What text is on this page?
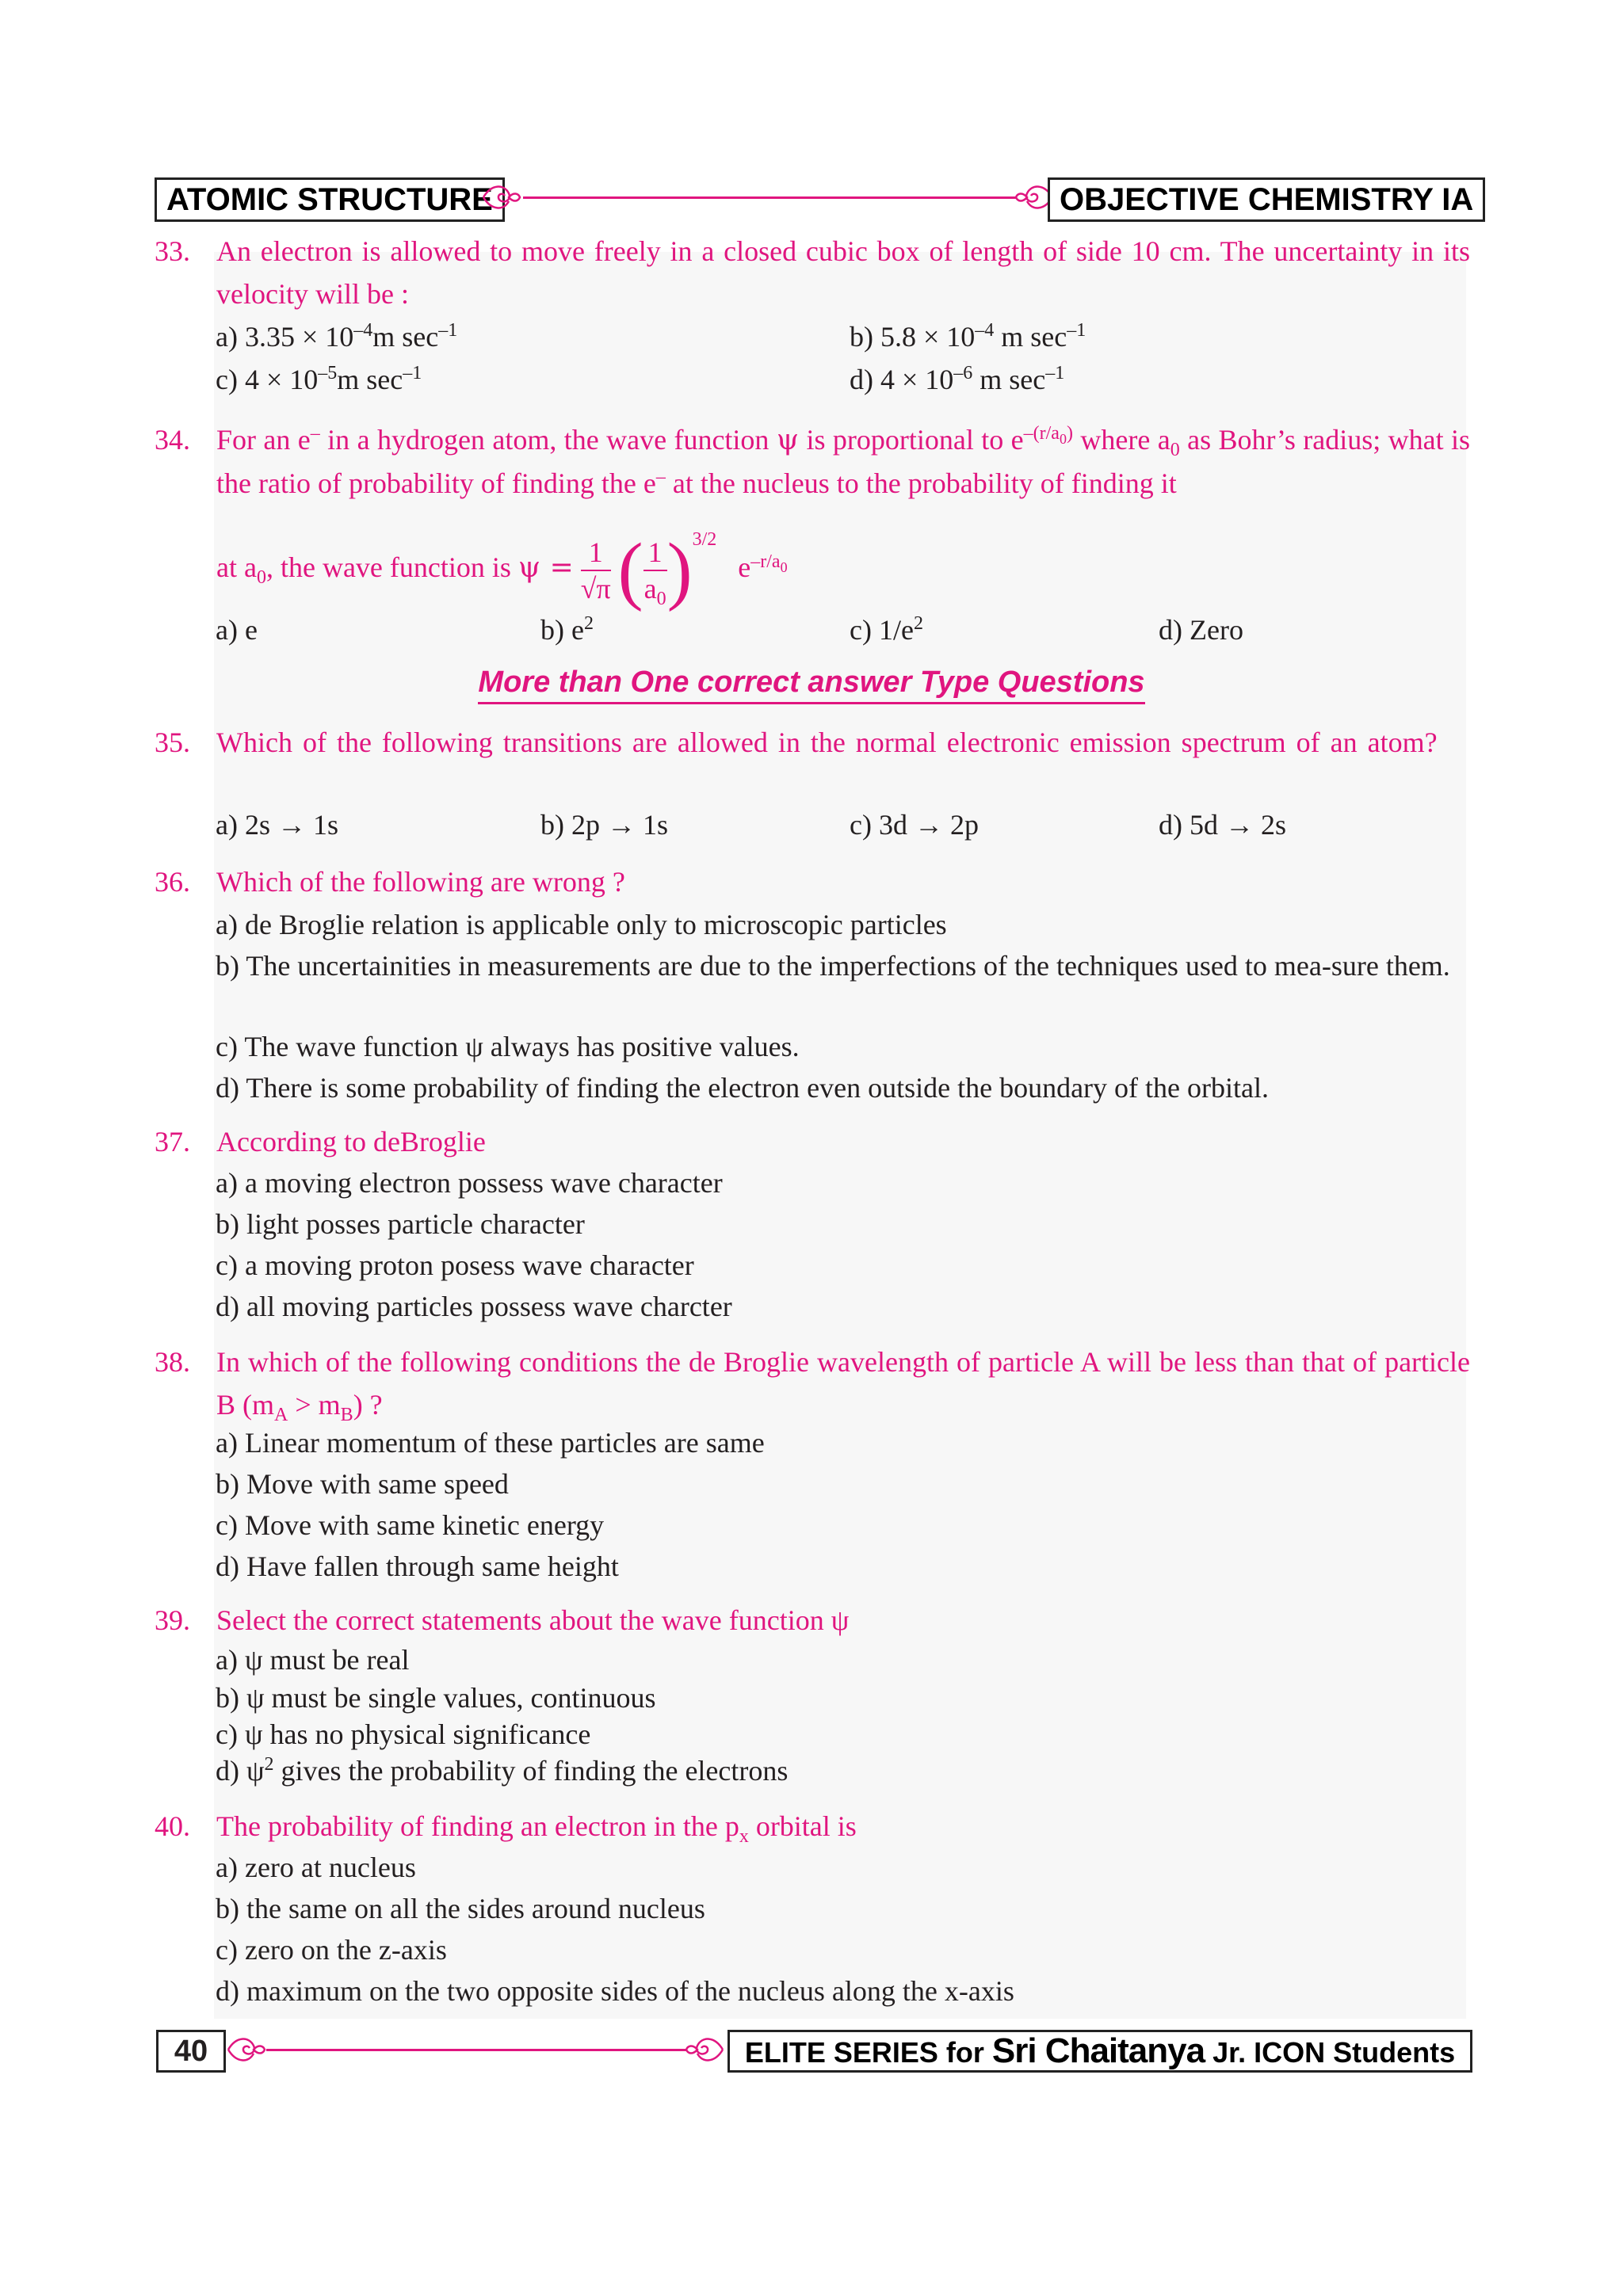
ATOMIC STRUCTURE	OBJECTIVE CHEMISTRY IA
33. An electron is allowed to move freely in a closed cubic box of length of side 10 cm. The uncertainty in its velocity will be :
a) $3.35 \times 10^{-4}m$ $\sec^{-1}$	b) $5.8 \times 10^{-4}$ m $\sec^{-1}$
c) $4 \times 10^{-5}m$ $\sec^{-1}$	d) $4 \times 10^{-6}$ m $\sec^{-1}$
34. For an e– in a hydrogen atom, the wave function ψ is proportional to $e^{-(r/a_0)}$ where $a_0$ as Bohr’s radius; what is the ratio of probability of finding the e– at the nucleus to the probability of finding it
at $a_0$, the wave function is $\psi = \frac{1}{√\pi}$ ( $\frac{1}{a_0} )^{3/2}$   $e^{-r/a_0}$
a) e	b) $e^2$	c) $1/e^2$	d) Zero
More than One correct answer Type Questions
35. Which of the following transitions are allowed in the normal electronic emission spectrum of an atom?
a) 2s → 1s	b) 2p → 1s	c) 3d → 2p	d) 5d → 2s
36. Which of the following are wrong ?
a) de Broglie relation is applicable only to microscopic particles
b) The uncertainities in measurements are due to the imperfections of the techniques used to mea-sure them.
c) The wave function ψ always has positive values.
d) There is some probability of finding the electron even outside the boundary of the orbital.
37. According to deBroglie
a) a moving electron possess wave character
b) light posses particle character
c) a moving proton posess wave character
d) all moving particles possess wave charcter
38. In which of the following conditions the de Broglie wavelength of particle A will be less than that of particle B $(m_A > m_B)$ ?
a) Linear momentum of these particles are same
b) Move with same speed
c) Move with same kinetic energy
d) Have fallen through same height
39. Select the correct statements about the wave function ψ
a) ψ must be real
b) ψ must be single values, continuous
c) ψ has no physical significance
d) $\psi^2$ gives the probability of finding the electrons
40. The probability of finding an electron in the $p_x$ orbital is
a) zero at nucleus
b) the same on all the sides around nucleus
c) zero on the z-axis
d) maximum on the two opposite sides of the nucleus along the x-axis
40	ELITE SERIES for Sri Chaitanya Jr. ICON Students
